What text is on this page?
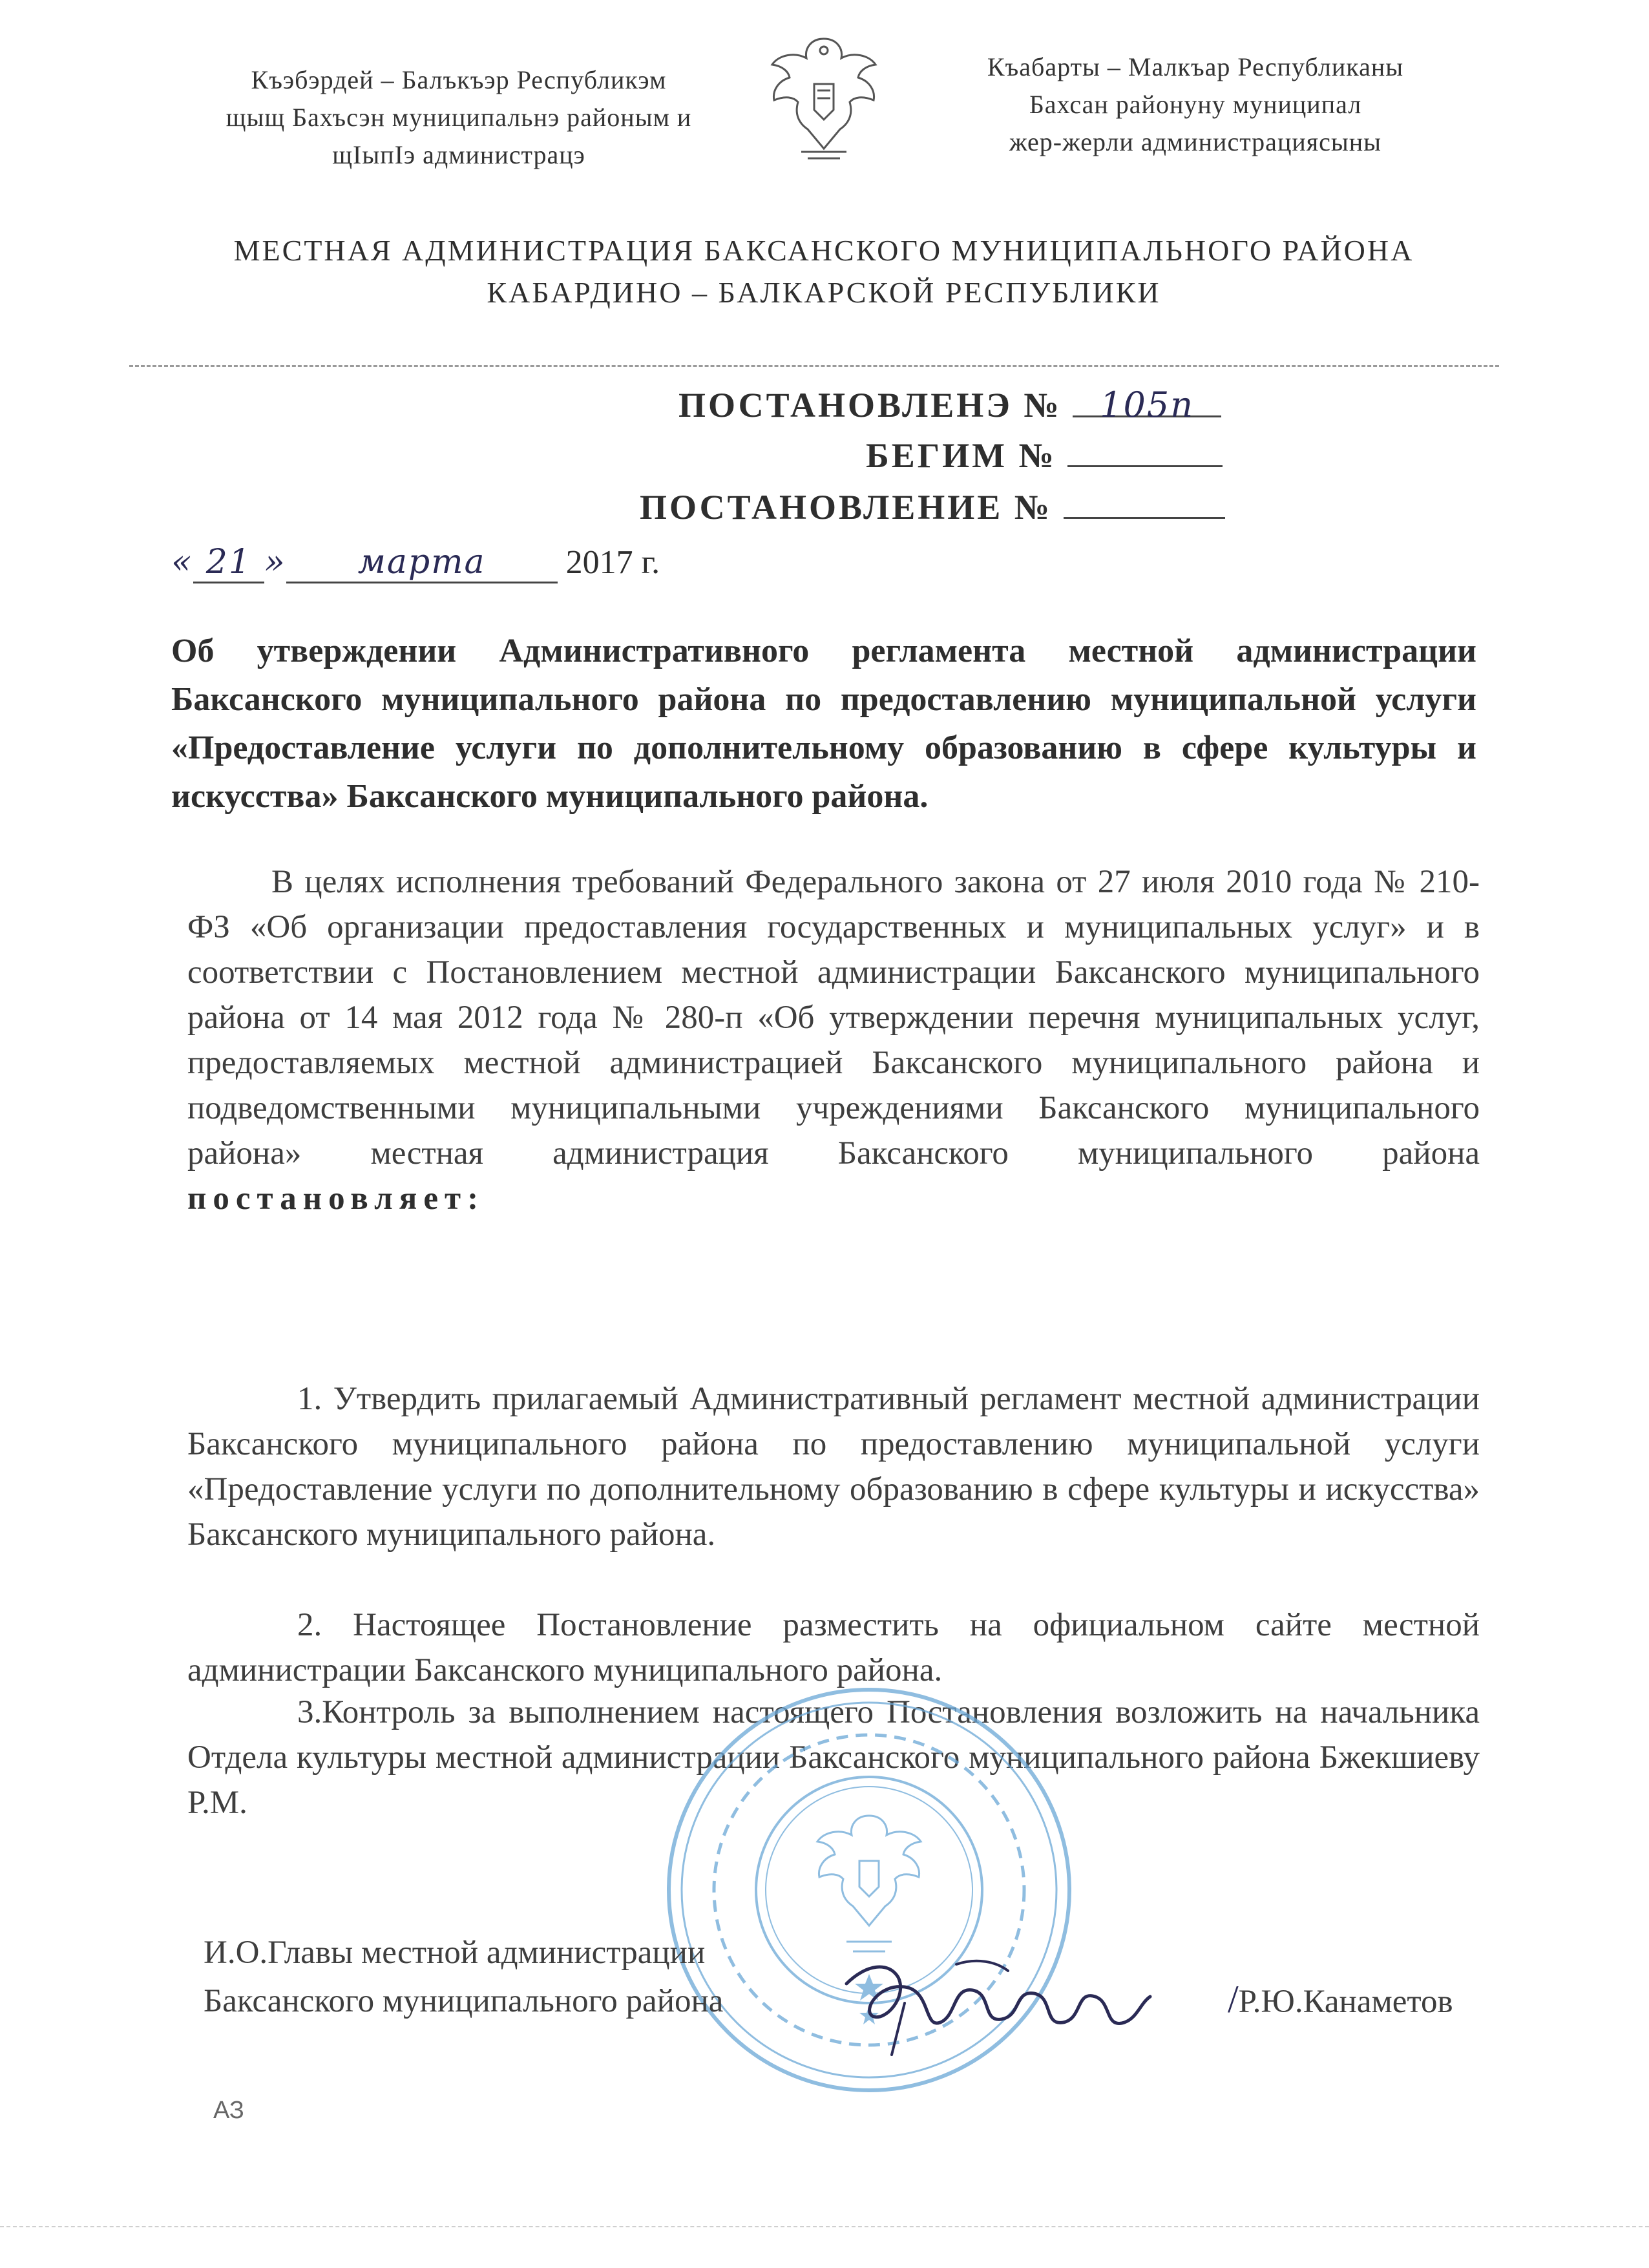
Къэбэрдей – Балъкъэр Республикэм
щыщ Бахъсэн муниципальнэ районым и
щIыпIэ администрацэ
Къабарты – Малкъар Республиканы
Бахсан районуну муниципал
жер-жерли администрациясыны
МЕСТНАЯ АДМИНИСТРАЦИЯ БАКСАНСКОГО МУНИЦИПАЛЬНОГО РАЙОНА
КАБАРДИНО – БАЛКАРСКОЙ РЕСПУБЛИКИ
ПОСТАНОВЛЕНЭ № 105п
БЕГИМ №
ПОСТАНОВЛЕНИЕ №
« 21 » марта 2017 г.
Об утверждении Административного регламента местной администрации Баксанского муниципального района по предоставлению муниципальной услуги «Предоставление услуги по дополнительному образованию в сфере культуры и искусства» Баксанского муниципального района.
В целях исполнения требований Федерального закона от 27 июля 2010 года № 210-ФЗ «Об организации предоставления государственных и муниципальных услуг» и в соответствии с Постановлением местной администрации Баксанского муниципального района от 14 мая 2012 года № 280-п «Об утверждении перечня муниципальных услуг, предоставляемых местной администрацией Баксанского муниципального района и подведомственными муниципальными учреждениями Баксанского муниципального района» местная администрация Баксанского муниципального района постановляет:
1. Утвердить прилагаемый Административный регламент местной администрации Баксанского муниципального района по предоставлению муниципальной услуги «Предоставление услуги по дополнительному образованию в сфере культуры и искусства» Баксанского муниципального района.
2. Настоящее Постановление разместить на официальном сайте местной администрации Баксанского муниципального района.
3.Контроль за выполнением настоящего Постановления возложить на начальника Отдела культуры местной администрации Баксанского муниципального района Бжекшиеву Р.М.
И.О.Главы местной администрации
Баксанского муниципального района	/Р.Ю.Канаметов
АЗ
